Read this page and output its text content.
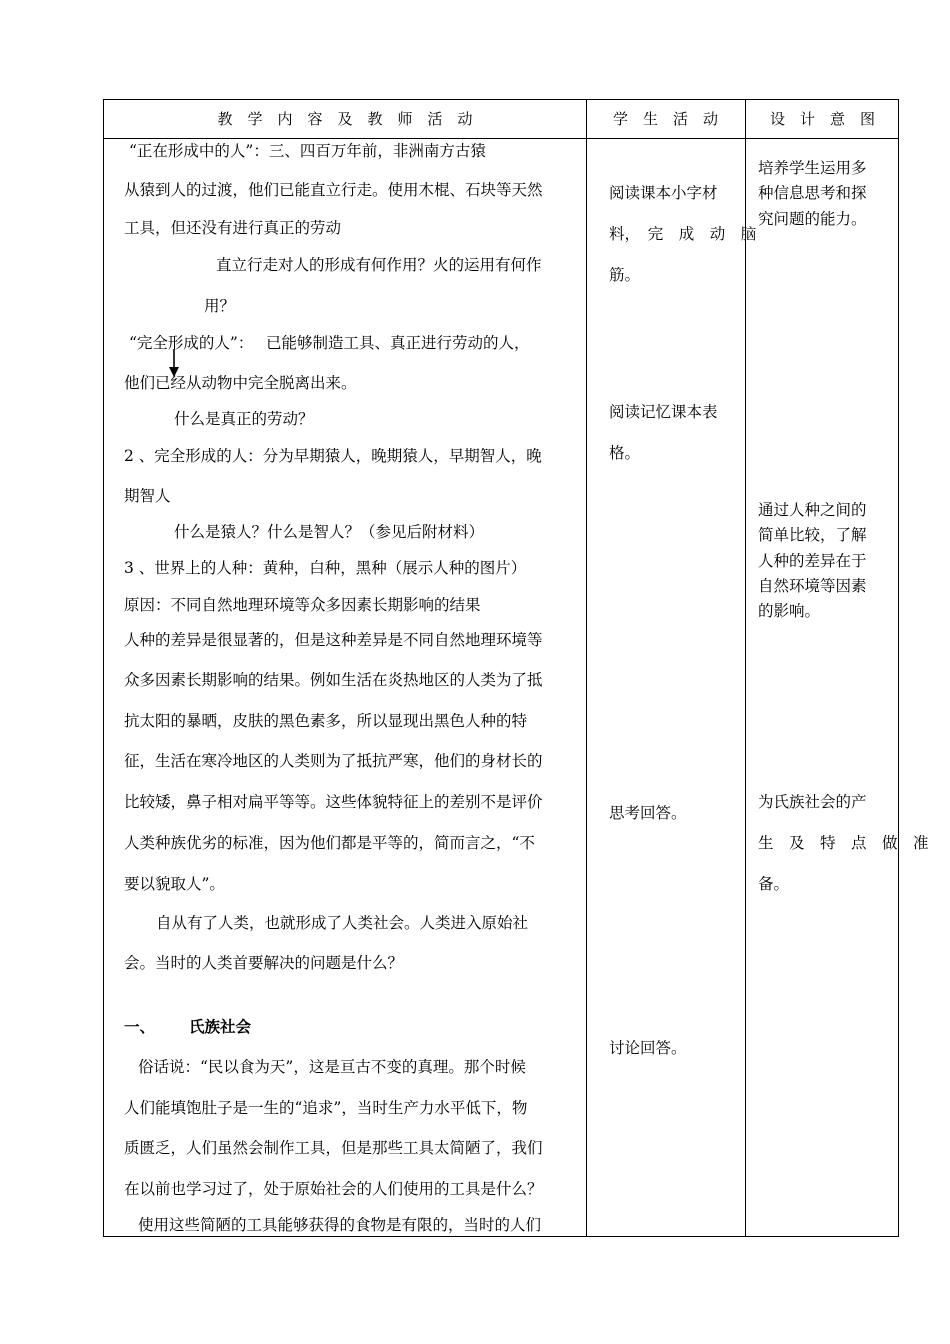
教　学　内　容　及　教　师　活　动	学　生　活　动	设　计　意　图
“正在形成中的人”：三、四百万年前，非洲南方古猿
从猿到人的过渡，他们已能直立行走。使用木棍、石块等天然
工具，但还没有进行真正的劳动
直立行走对人的形成有何作用？火的运用有何作
用？
“完全形成的人”：　 已能够制造工具、真正进行劳动的人，
他们已经从动物中完全脱离出来。
什么是真正的劳动？
2 、完全形成的人：分为早期猿人，晚期猿人，早期智人，晚
期智人
什么是猿人？什么是智人？（参见后附材料）
3 、世界上的人种：黄种，白种，黑种（展示人种的图片）
原因：不同自然地理环境等众多因素长期影响的结果
人种的差异是很显著的，但是这种差异是不同自然地理环境等
众多因素长期影响的结果。例如生活在炎热地区的人类为了抵
抗太阳的暴晒，皮肤的黑色素多，所以显现出黑色人种的特
征，生活在寒冷地区的人类则为了抵抗严寒，他们的身材长的
比较矮，鼻子相对扁平等等。这些体貌特征上的差别不是评价
人类种族优劣的标准，因为他们都是平等的，简而言之，“不
要以貌取人”。
自从有了人类，也就形成了人类社会。人类进入原始社
会。当时的人类首要解决的问题是什么？
一、 氏族社会
俗话说：“民以食为天”，这是亘古不变的真理。那个时候
人们能填饱肚子是一生的“追求”，当时生产力水平低下，物
质匮乏，人们虽然会制作工具，但是那些工具太简陋了，我们
在以前也学习过了，处于原始社会的人们使用的工具是什么？
使用这些简陋的工具能够获得的食物是有限的，当时的人们
阅读课本小字材
料，　完　成　动　脑
筋。
阅读记忆课本表
格。
思考回答。
讨论回答。
培养学生运用多
种信息思考和探
究问题的能力。
通过人种之间的
简单比较，了解
人种的差异在于
自然环境等因素
的影响。
为氏族社会的产
生　及　特　点　做　准
备。
